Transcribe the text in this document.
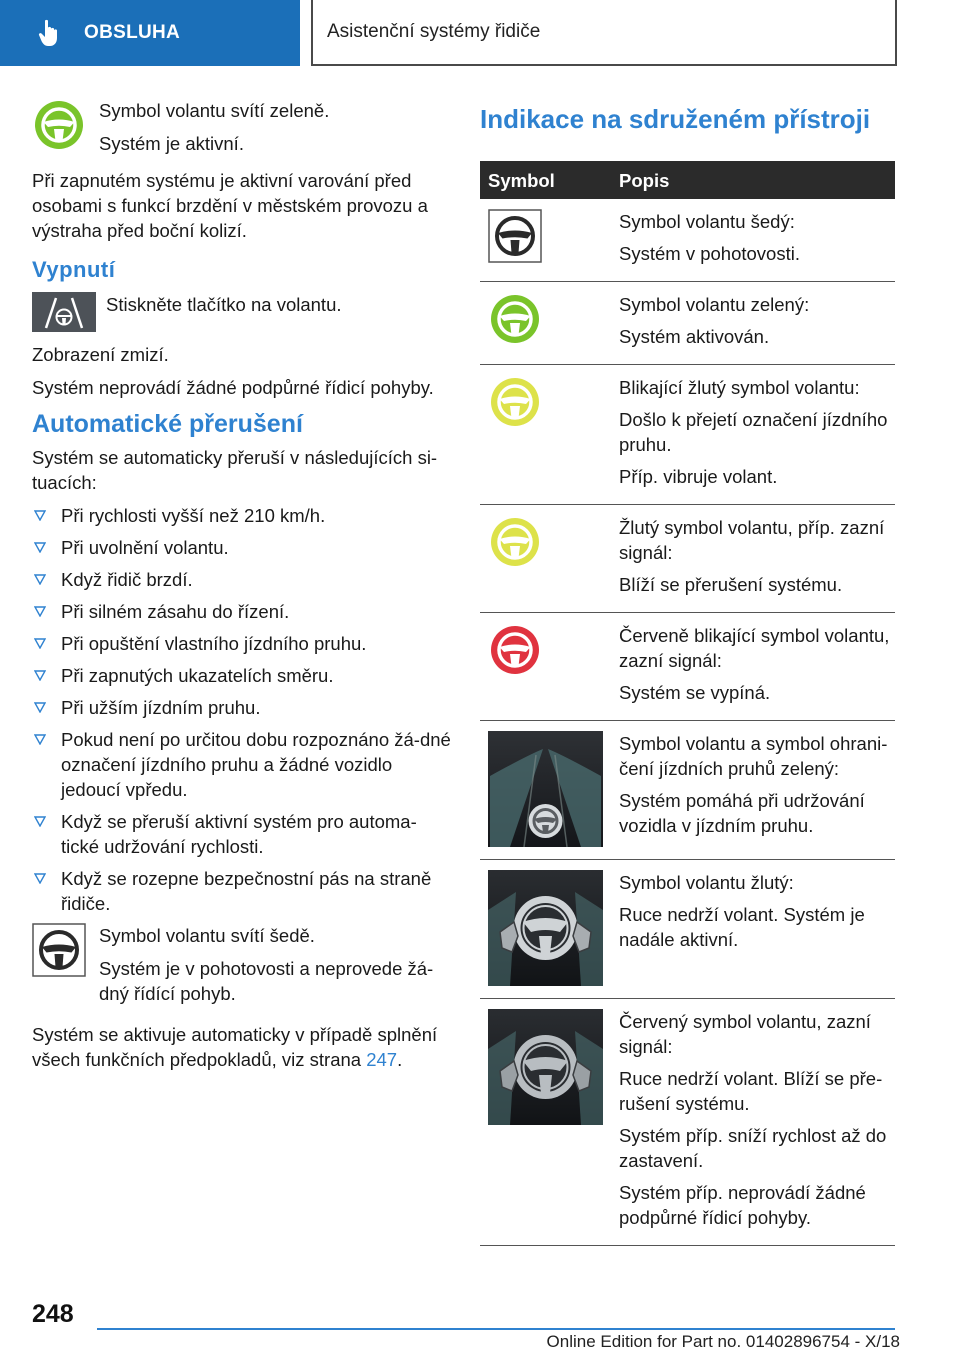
OBSLUHA	Asistenční systémy řidiče
Symbol volantu svítí zeleně.
Systém je aktivní.
Při zapnutém systému je aktivní varování před osobami s funkcí brzdění v městském provozu a výstraha před boční kolizí.
Vypnutí
Stiskněte tlačítko na volantu.
Zobrazení zmizí.
Systém neprovádí žádné podpůrné řídicí pohyby.
Automatické přerušení
Systém se automaticky přeruší v následujících si-tuacích:
Při rychlosti vyšší než 210 km/h.
Při uvolnění volantu.
Když řidič brzdí.
Při silném zásahu do řízení.
Při opuštění vlastního jízdního pruhu.
Při zapnutých ukazatelích směru.
Při užším jízdním pruhu.
Pokud není po určitou dobu rozpoznáno žá-dné označení jízdního pruhu a žádné vozidlo jedoucí vpředu.
Když se přeruší aktivní systém pro automa-tické udržování rychlosti.
Když se rozepne bezpečnostní pás na straně řidiče.
Symbol volantu svítí šedě.
Systém je v pohotovosti a neprovede žá-dný řídící pohyb.
Systém se aktivuje automaticky v případě splnění všech funkčních předpokladů, viz strana 247.
Indikace na sdruženém přístroji
Symbol	Popis

Symbol volantu šedý:
Systém v pohotovosti.

Symbol volantu zelený:
Systém aktivován.

Blikající žlutý symbol volantu:
Došlo k přejetí označení jízdního pruhu.
Příp. vibruje volant.

Žlutý symbol volantu, příp. zazní signál:
Blíží se přerušení systému.

Červeně blikající symbol volantu, zazní signál:
Systém se vypíná.

Symbol volantu a symbol ohrani-čení jízdních pruhů zelený:
Systém pomáhá při udržování vozidla v jízdním pruhu.

Symbol volantu žlutý:
Ruce nedrží volant. Systém je nadále aktivní.

Červený symbol volantu, zazní signál:
Ruce nedrží volant. Blíží se pře-rušení systému.
Systém příp. sníží rychlost až do zastavení.
Systém příp. neprovádí žádné podpůrné řídicí pohyby.
248
Online Edition for Part no. 01402896754 - X/18
